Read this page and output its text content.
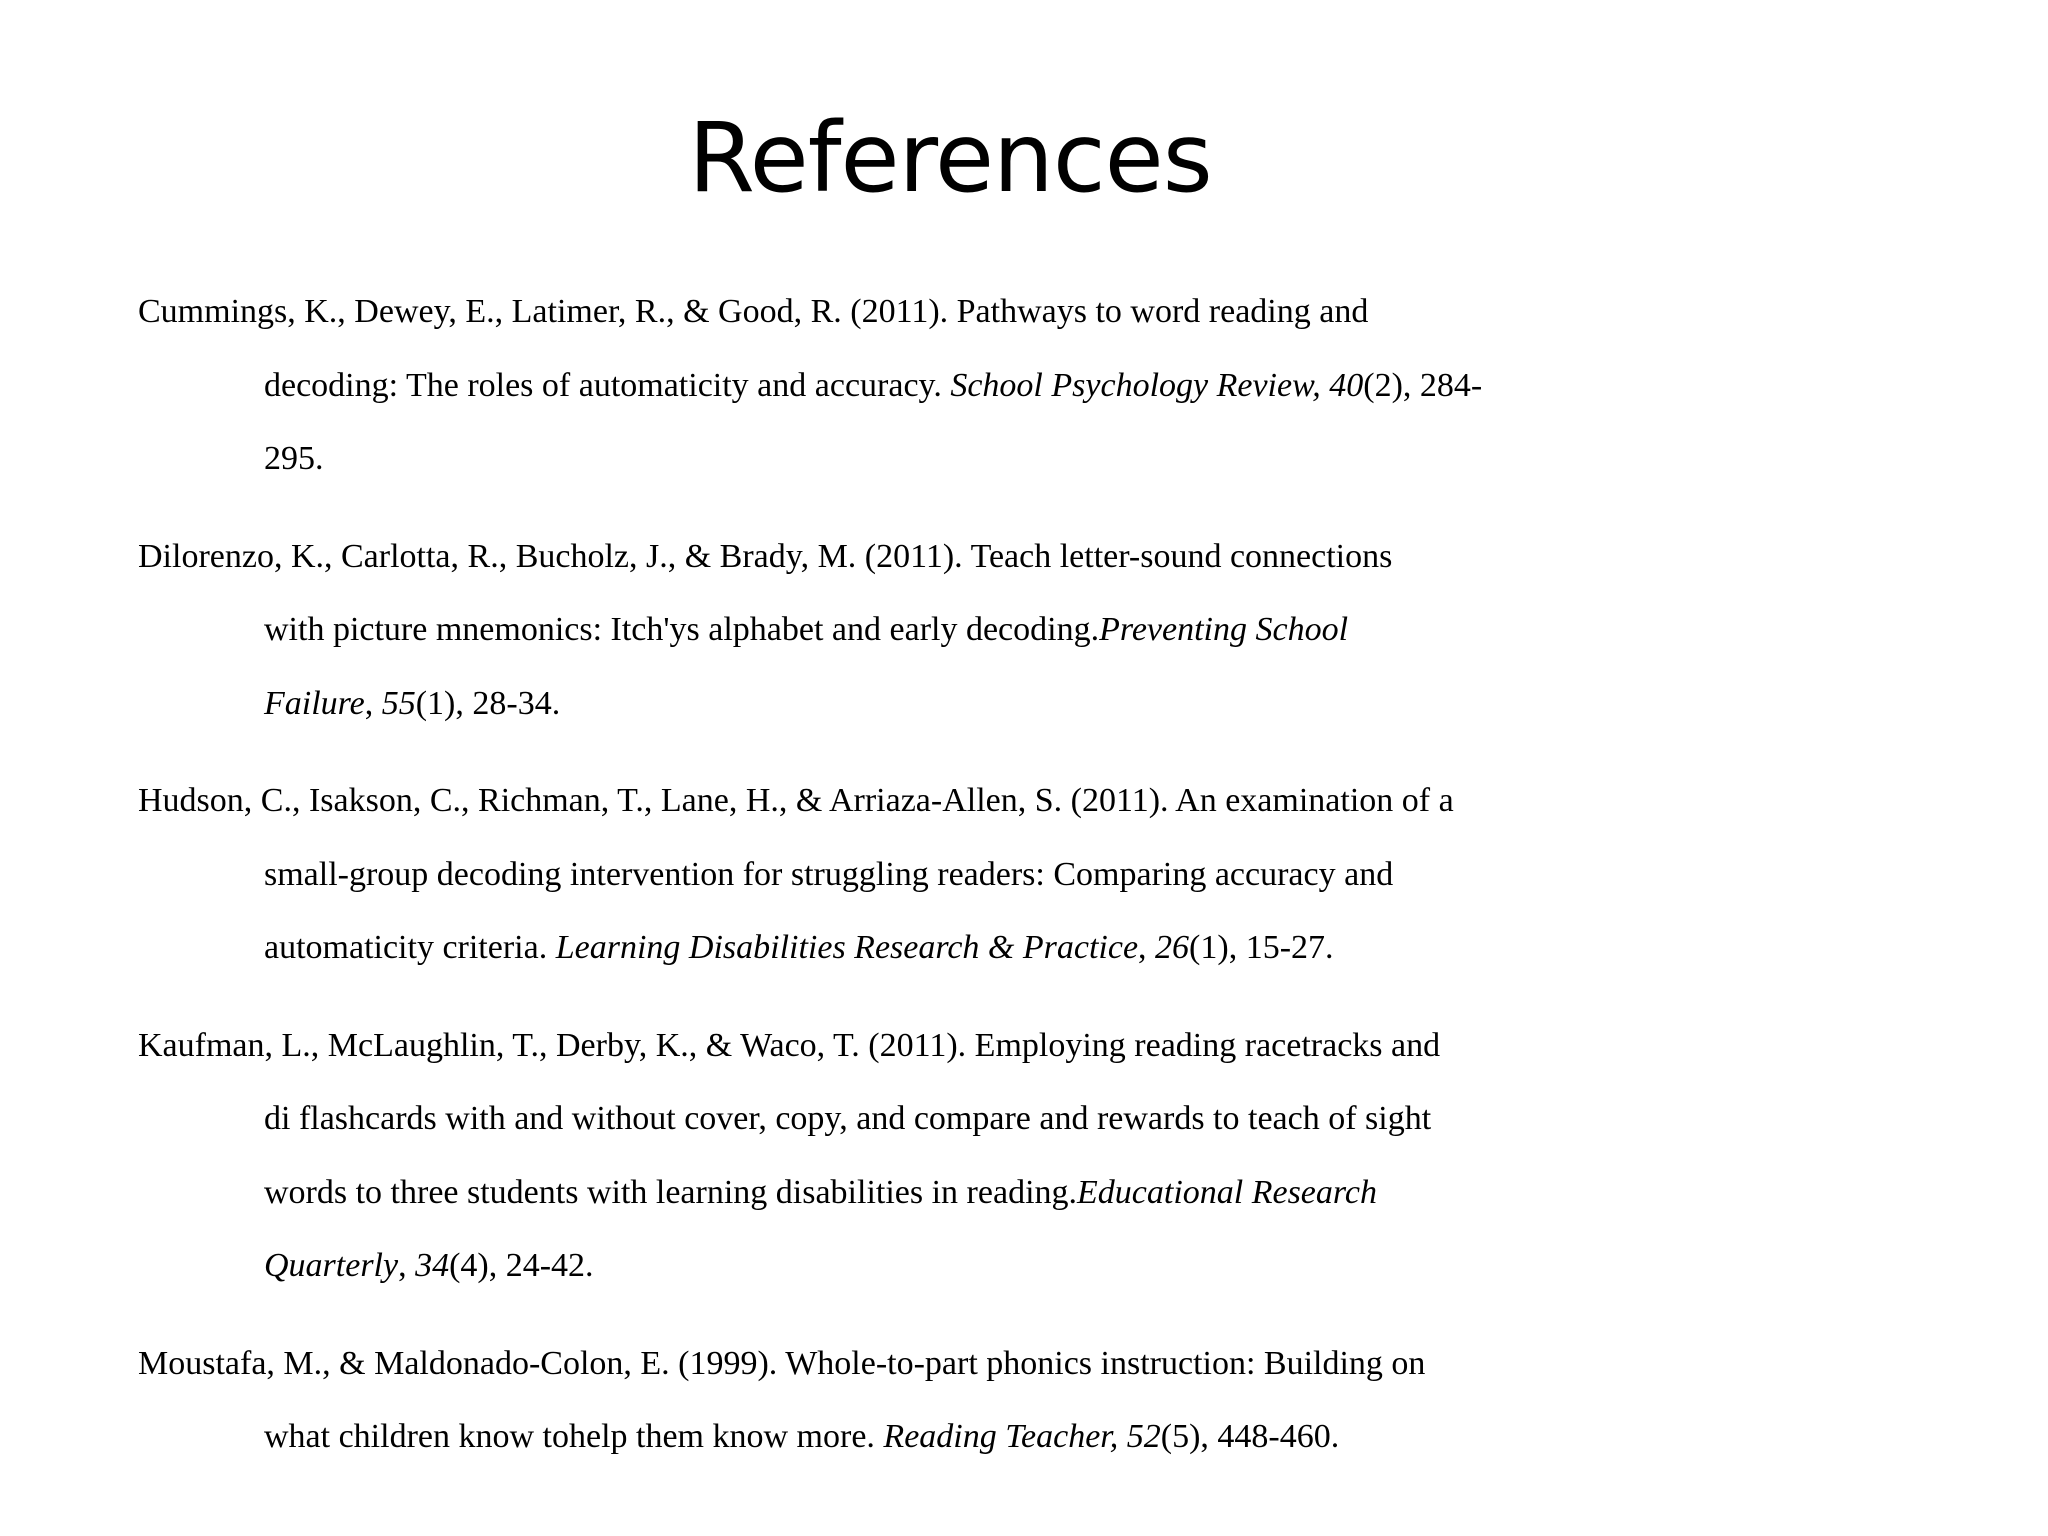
References
Cummings, K., Dewey, E., Latimer, R., & Good, R. (2011). Pathways to word reading and
decoding: The roles of automaticity and accuracy. School Psychology Review, 40(2), 284-
295.
Dilorenzo, K., Carlotta, R., Bucholz, J., & Brady, M. (2011). Teach letter-sound connections
with picture mnemonics: Itch'ys alphabet and early decoding.Preventing School
Failure, 55(1), 28-34.
Hudson, C., Isakson, C., Richman, T., Lane, H., & Arriaza-Allen, S. (2011). An examination of a
small-group decoding intervention for struggling readers: Comparing accuracy and
automaticity criteria. Learning Disabilities Research & Practice, 26(1), 15-27.
Kaufman, L., McLaughlin, T., Derby, K., & Waco, T. (2011). Employing reading racetracks and
di flashcards with and without cover, copy, and compare and rewards to teach of sight
words to three students with learning disabilities in reading.Educational Research
Quarterly, 34(4), 24-42.
Moustafa, M., & Maldonado-Colon, E. (1999). Whole-to-part phonics instruction: Building on
what children know tohelp them know more. Reading Teacher, 52(5), 448-460.
